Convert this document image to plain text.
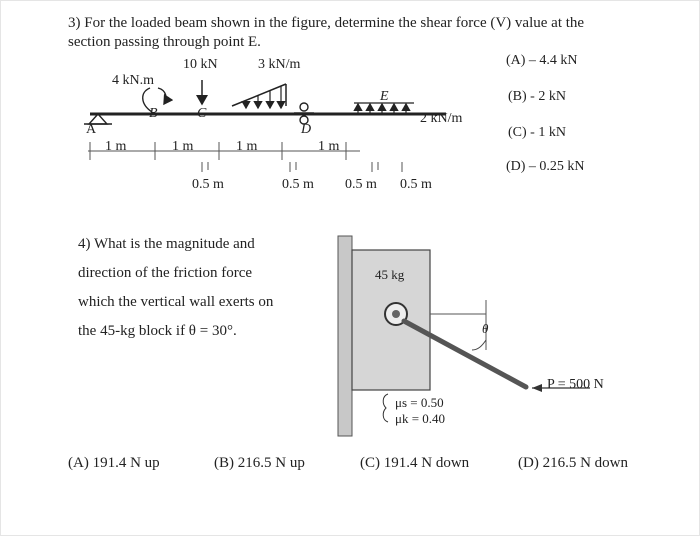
3) For the loaded beam shown in the figure, determine the shear force (V) value at the
section passing through point E.
(A) – 4.4 kN
(B) - 2 kN
(C) - 1 kN
(D) – 0.25 kN
10 kN	3 kN/m
4 kN.m
2 kN/m
A
B	C
D
E
1 m	1 m	1 m	1 m
0.5 m	0.5 m 0.5 m 0.5 m
4) What is the magnitude and
direction of the friction force
which the vertical wall exerts on
the 45-kg block if θ = 30°.
45 kg
θ
P = 500 N
μs = 0.50
μk = 0.40
(A) 191.4 N up	(B) 216.5 N up	(C) 191.4 N down	(D) 216.5 N down
